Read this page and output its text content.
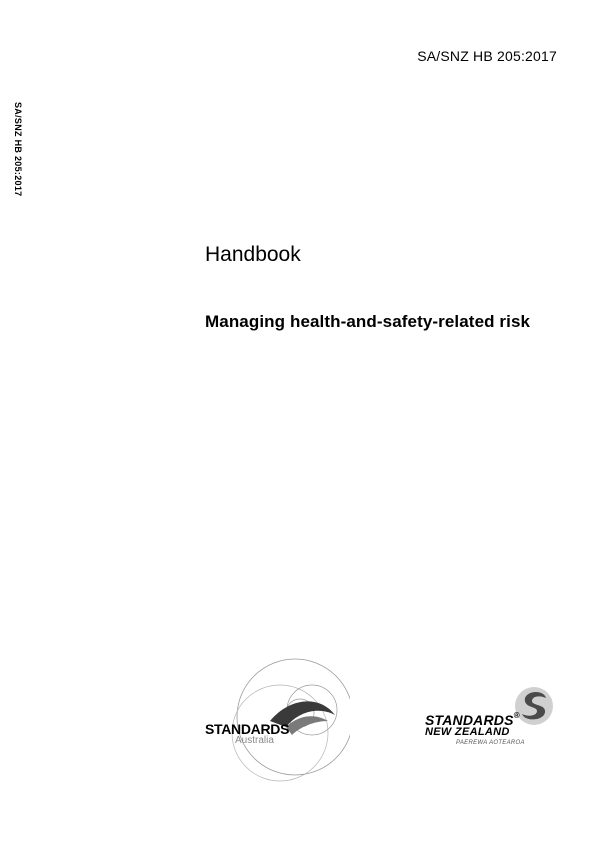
SA/SNZ HB 205:2017
SA/SNZ HB 205:2017
Handbook
Managing health-and-safety-related risk
STANDARDS
Australia
STANDARDS®
NEW ZEALAND
PAEREWA AOTEAROA
